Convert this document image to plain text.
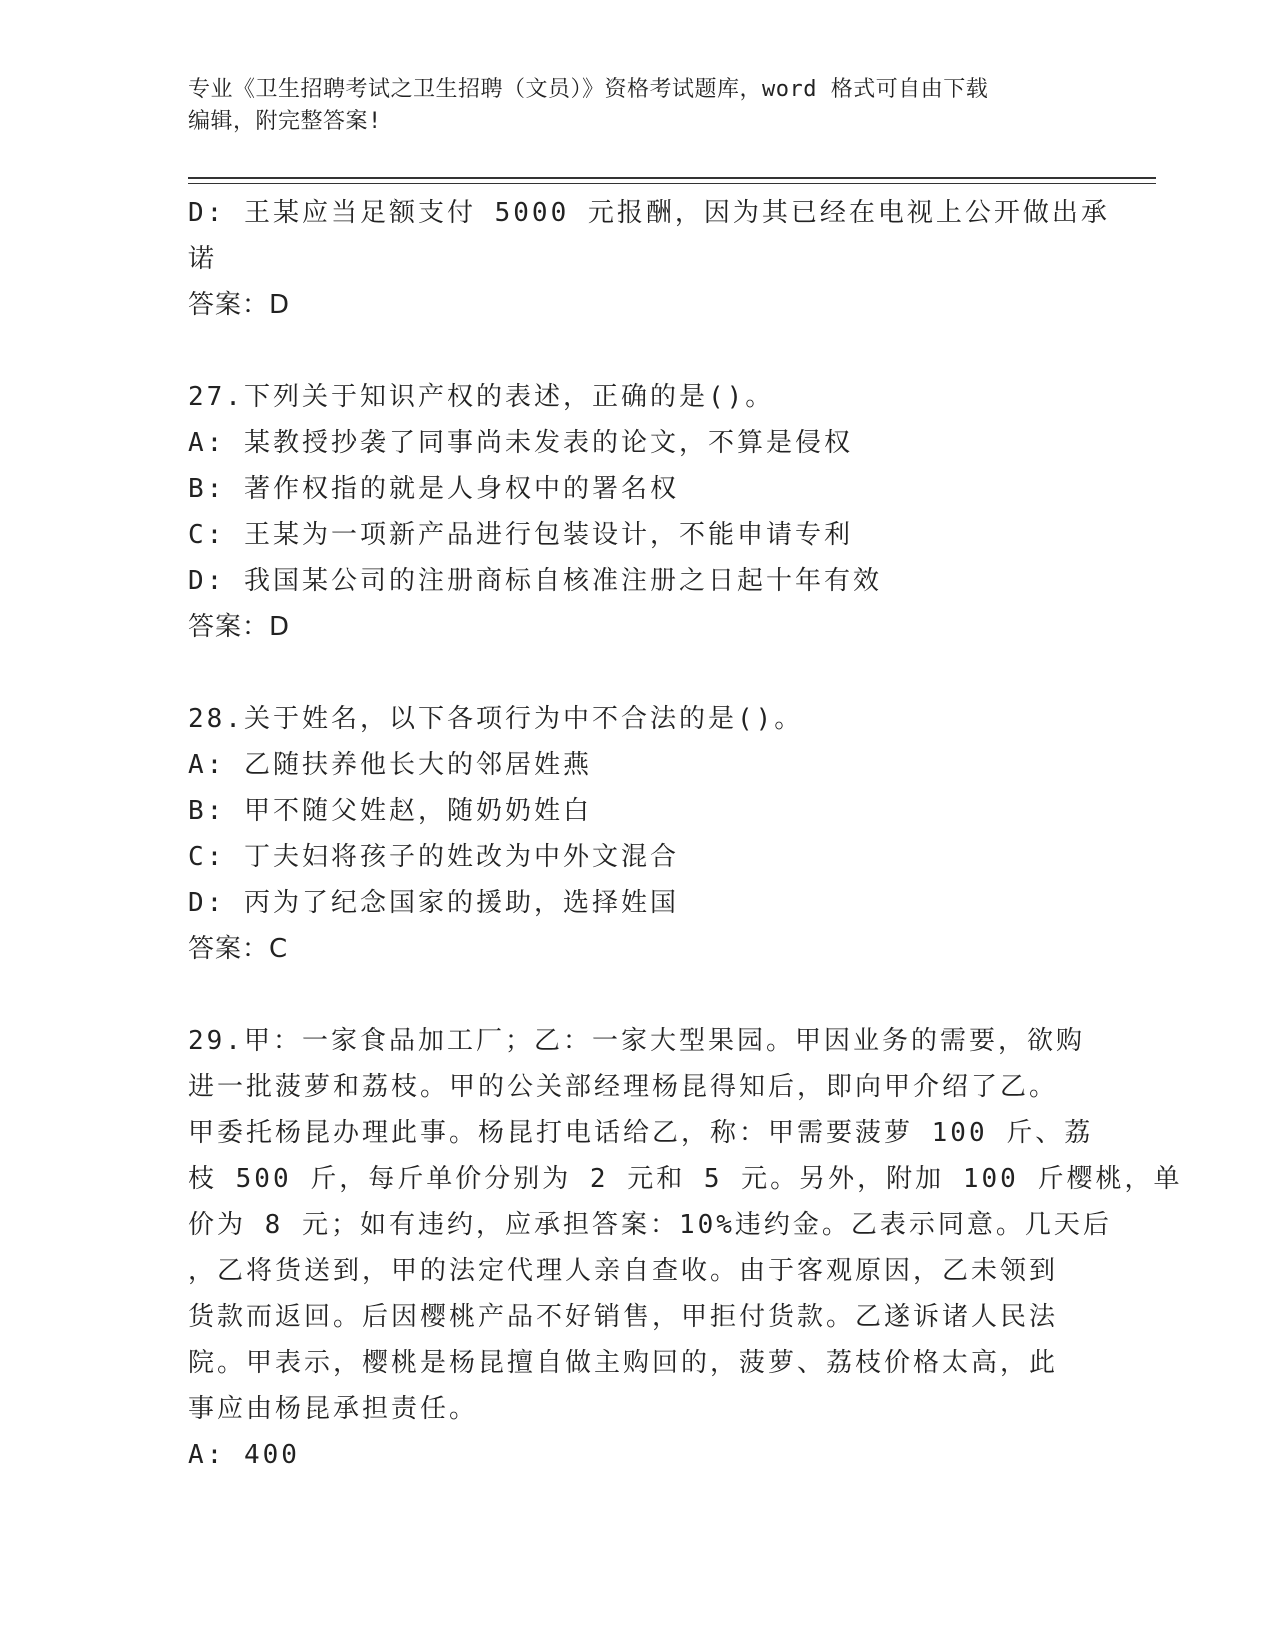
专业《卫生招聘考试之卫生招聘（文员）》资格考试题库，word 格式可自由下载
编辑，附完整答案!
D: 王某应当足额支付 5000 元报酬，因为其已经在电视上公开做出承
诺
答案：D
27.下列关于知识产权的表述，正确的是()。
A: 某教授抄袭了同事尚未发表的论文，不算是侵权
B: 著作权指的就是人身权中的署名权
C: 王某为一项新产品进行包装设计，不能申请专利
D: 我国某公司的注册商标自核准注册之日起十年有效
答案：D
28.关于姓名，以下各项行为中不合法的是()。
A: 乙随扶养他长大的邻居姓燕
B: 甲不随父姓赵，随奶奶姓白
C: 丁夫妇将孩子的姓改为中外文混合
D: 丙为了纪念国家的援助，选择姓国
答案：C
29.甲：一家食品加工厂；乙：一家大型果园。甲因业务的需要，欲购
进一批菠萝和荔枝。甲的公关部经理杨昆得知后，即向甲介绍了乙。
甲委托杨昆办理此事。杨昆打电话给乙，称：甲需要菠萝 100 斤、荔
枝 500 斤，每斤单价分别为 2 元和 5 元。另外，附加 100 斤樱桃，单
价为 8 元；如有违约，应承担答案：10%违约金。乙表示同意。几天后
，乙将货送到，甲的法定代理人亲自查收。由于客观原因，乙未领到
货款而返回。后因樱桃产品不好销售，甲拒付货款。乙遂诉诸人民法
院。甲表示，樱桃是杨昆擅自做主购回的，菠萝、荔枝价格太高，此
事应由杨昆承担责任。
A: 400
